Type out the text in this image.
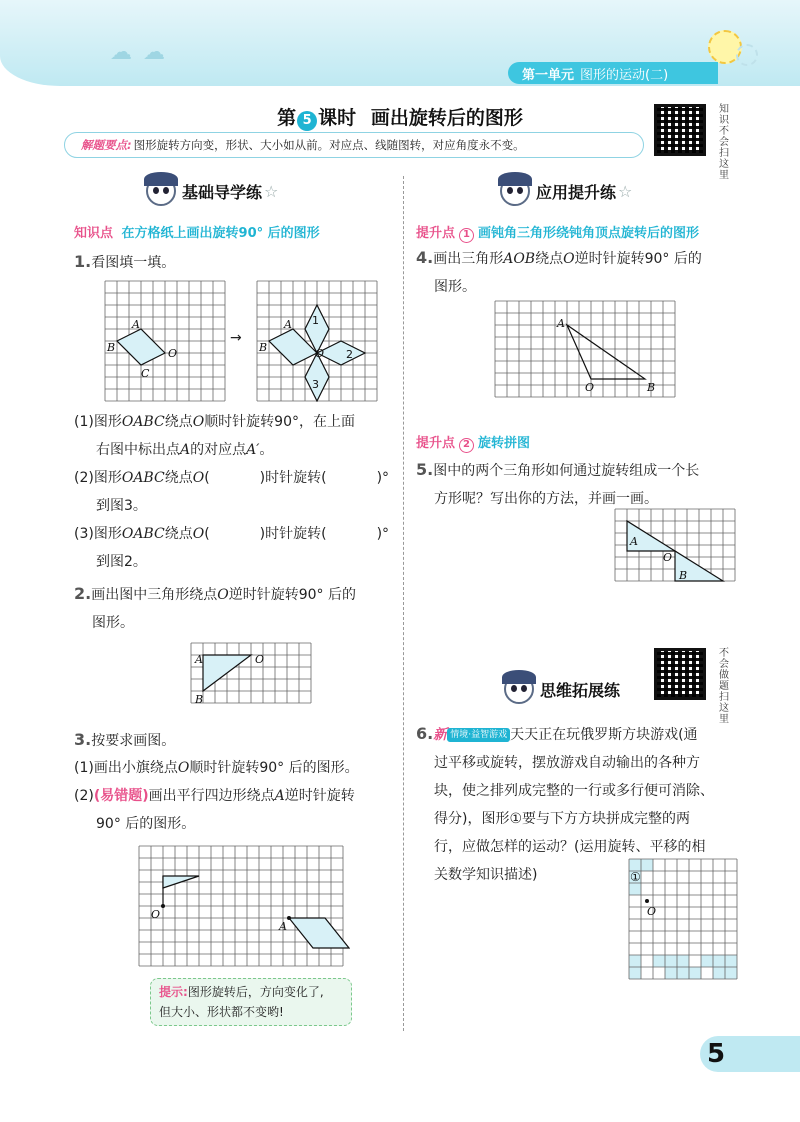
☁ ☁
第一单元 图形的运动(二)
第 5 课时 画出旋转后的图形	知
识
不
会
扫
这
里
解题要点: 图形旋转方向变，形状、大小如从前。对应点、线随图转，对应角度永不变。
基础导学练 ☆
知识点 在方格纸上画出旋转90° 后的图形
1.看图填一填。
A
B
C
O
→
A
B	O
1
2
3
(1)图形OABC绕点O顺时针旋转90°，在上面
右图中标出点A的对应点A′。
(2)图形OABC绕点O(	)时针旋转(	)°
到图3。
(3)图形OABC绕点O(	)时针旋转(	)°
到图2。
2.画出图中三角形绕点O逆时针旋转90° 后的
图形。
A
B
O
3.按要求画图。
(1)画出小旗绕点O顺时针旋转90° 后的图形。
(2)(易错题)画出平行四边形绕点A逆时针旋转
90° 后的图形。
O
A
提示:图形旋转后，方向变化了,
但大小、形状都不变哟!
应用提升练 ☆
提升点 1 画钝角三角形绕钝角顶点旋转后的图形
4.画出三角形AOB绕点O逆时针旋转90° 后的
图形。
A
O	B
提升点 2 旋转拼图
5.图中的两个三角形如何通过旋转组成一个长
方形呢？写出你的方法，并画一画。
A
O
B
思维拓展练
不
会
做
题
扫
这
里
6.新 情境·益智游戏 天天正在玩俄罗斯方块游戏(通
过平移或旋转，摆放游戏自动输出的各种方
块，使之排列成完整的一行或多行便可消除、
得分)，图形①要与下方方块拼成完整的两
行，应做怎样的运动？(运用旋转、平移的相
关数学知识描述)	①
O
5
